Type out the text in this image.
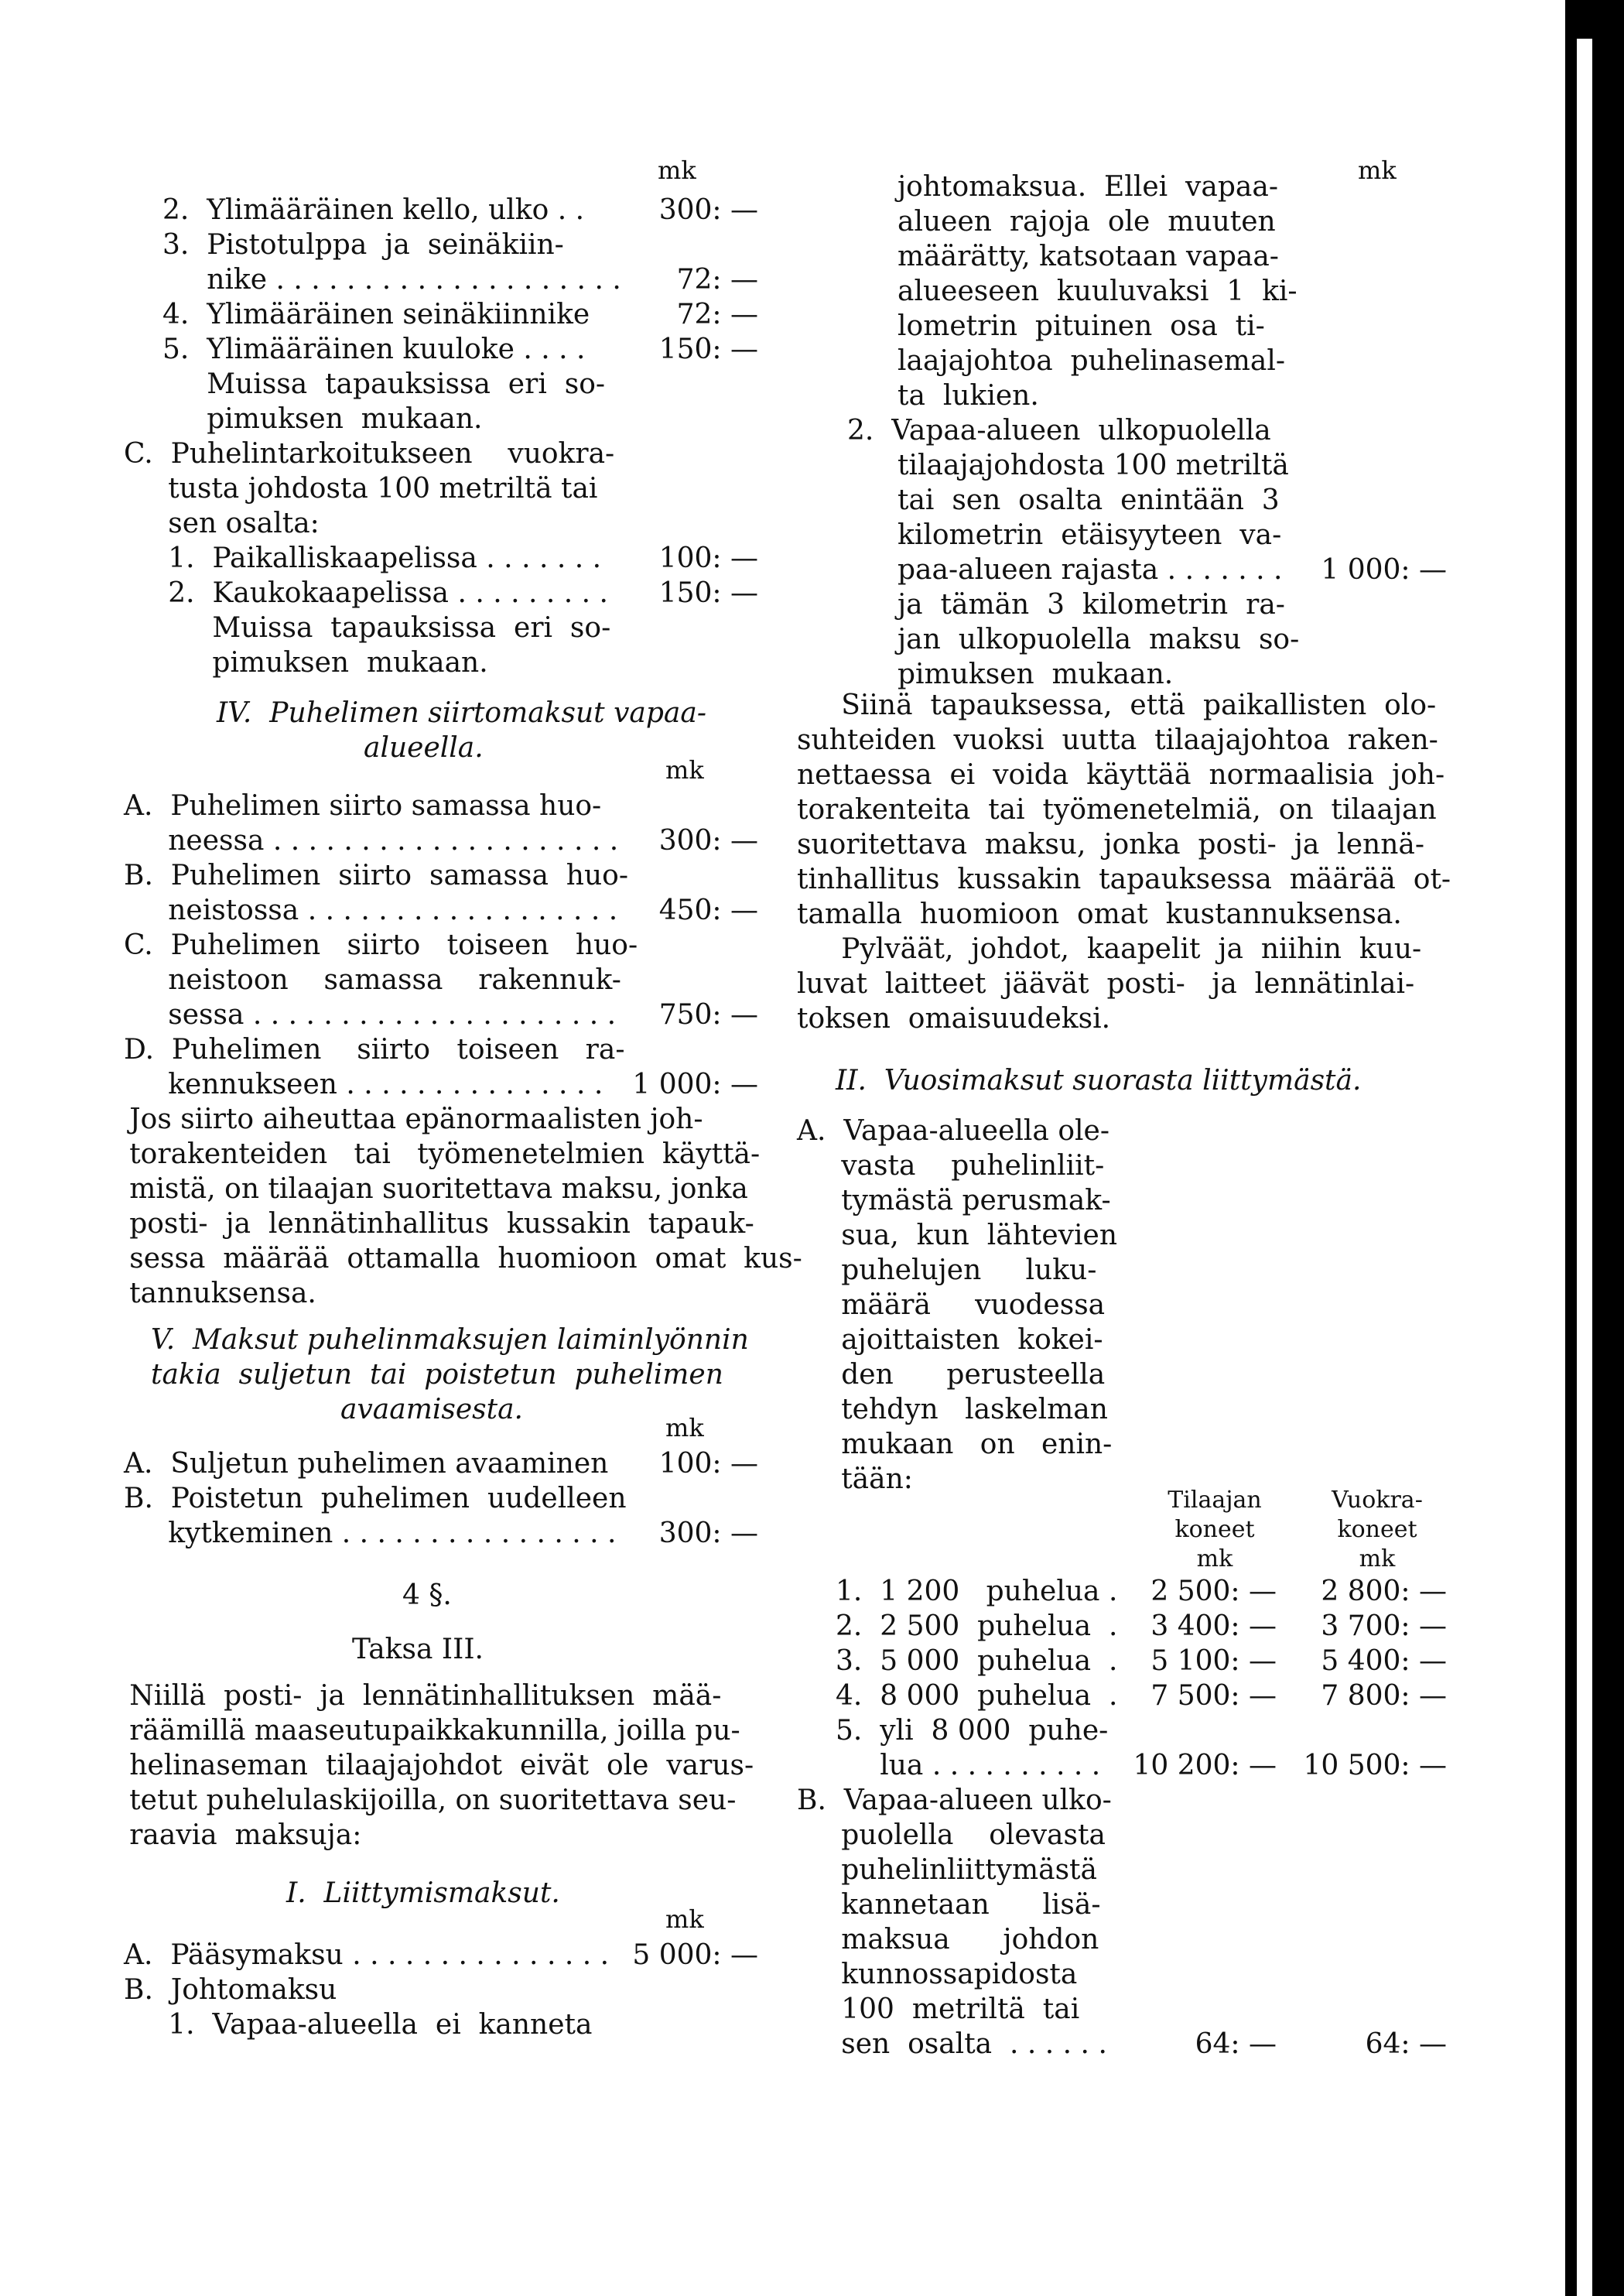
mk
2.  Ylimääräinen kello, ulko . .	300: —
3.  Pistotulppa  ja  seinäkiin-
nike . . . . . . . . . . . . . . . . . . . .	72: —
4.  Ylimääräinen seinäkiinnike	72: —
5.  Ylimääräinen kuuloke . . . .	150: —
Muissa  tapauksissa  eri  so-
pimuksen  mukaan.
C.  Puhelintarkoitukseen    vuokra-
tusta johdosta 100 metriltä tai
sen osalta:
1.  Paikalliskaapelissa . . . . . . .	100: —
2.  Kaukokaapelissa . . . . . . . . .	150: —
Muissa  tapauksissa  eri  so-
pimuksen  mukaan.
IV.  Puhelimen siirtomaksut vapaa-
alueella.
mk
A.  Puhelimen siirto samassa huo-
neessa . . . . . . . . . . . . . . . . . . . .	300: —
B.  Puhelimen  siirto  samassa  huo-
neistossa . . . . . . . . . . . . . . . . . .	450: —
C.  Puhelimen   siirto   toiseen   huo-
neistoon    samassa    rakennuk-
sessa . . . . . . . . . . . . . . . . . . . . .	750: —
D.  Puhelimen    siirto   toiseen   ra-
kennukseen . . . . . . . . . . . . . . .	1 000: —
Jos siirto aiheuttaa epänormaalisten joh-
torakenteiden   tai   työmenetelmien  käyttä-
mistä, on tilaajan suoritettava maksu, jonka
posti-  ja  lennätinhallitus  kussakin  tapauk-
sessa  määrää  ottamalla  huomioon  omat  kus-
tannuksensa.
V.  Maksut puhelinmaksujen laiminlyönnin
takia  suljetun  tai  poistetun  puhelimen
avaamisesta.
mk
A.  Suljetun puhelimen avaaminen	100: —
B.  Poistetun  puhelimen  uudelleen
kytkeminen . . . . . . . . . . . . . . . .	300: —
4 §.
Taksa III.
Niillä  posti-  ja  lennätinhallituksen  mää-
räämillä maaseutupaikkakunnilla, joilla pu-
helinaseman  tilaajajohdot  eivät  ole  varus-
tetut puhelulaskijoilla, on suoritettava seu-
raavia  maksuja:
I.  Liittymismaksut.
mk
A.  Pääsymaksu . . . . . . . . . . . . . . . 5 000: —
B.  Johtomaksu
1.  Vapaa-alueella  ei  kanneta
mk
johtomaksua.  Ellei  vapaa-
alueen  rajoja  ole  muuten
määrätty, katsotaan vapaa-
alueeseen  kuuluvaksi  1  ki-
lometrin  pituinen  osa  ti-
laajajohtoa  puhelinasemal-
ta  lukien.
2.  Vapaa-alueen  ulkopuolella
tilaajajohdosta 100 metriltä
tai  sen  osalta  enintään  3
kilometrin  etäisyyteen  va-
paa-alueen rajasta . . . . . . .	1 000: —
ja  tämän  3  kilometrin  ra-
jan  ulkopuolella  maksu  so-
pimuksen  mukaan.
Siinä  tapauksessa,  että  paikallisten  olo-
suhteiden  vuoksi  uutta  tilaajajohtoa  raken-
nettaessa  ei  voida  käyttää  normaalisia  joh-
torakenteita  tai  työmenetelmiä,  on  tilaajan
suoritettava  maksu,  jonka  posti-  ja  lennä-
tinhallitus  kussakin  tapauksessa  määrää  ot-
tamalla  huomioon  omat  kustannuksensa.
Pylväät,  johdot,  kaapelit  ja  niihin  kuu-
luvat  laitteet  jäävät  posti-   ja  lennätinlai-
toksen  omaisuudeksi.
II.  Vuosimaksut suorasta liittymästä.
A.  Vapaa-alueella ole-
vasta    puhelinliit-
tymästä perusmak-
sua,  kun  lähtevien
puhelujen     luku-
määrä     vuodessa
ajoittaisten  kokei-
den      perusteella
tehdyn   laskelman
mukaan   on   enin-
tään:
Tilaajan
koneet
mk
Vuokra-
koneet
mk
1.  1 200   puhelua .	2 500: —	2 800: —
2.  2 500  puhelua  .	3 400: —	3 700: —
3.  5 000  puhelua  .	5 100: —	5 400: —
4.  8 000  puhelua  .	7 500: —	7 800: —
5.  yli  8 000  puhe-
lua . . . . . . . . . .	10 200: — 10 500: —
B.  Vapaa-alueen ulko-
puolella    olevasta
puhelinliittymästä
kannetaan      lisä-
maksua      johdon
kunnossapidosta
100  metriltä  tai
sen  osalta  . . . . . .	64: —	64: —
